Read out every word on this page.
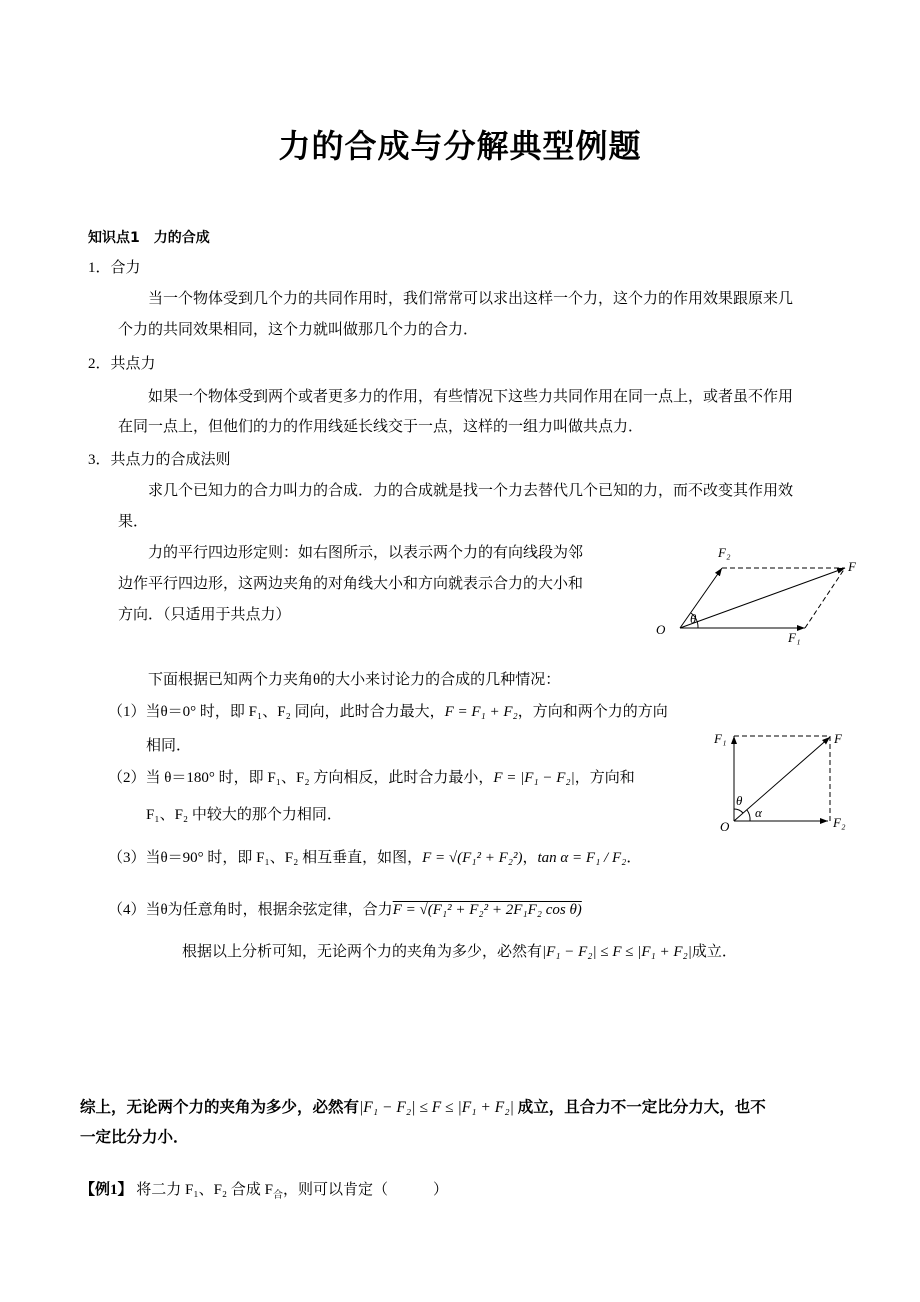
力的合成与分解典型例题
知识点1　力的合成
1．合力
当一个物体受到几个力的共同作用时，我们常常可以求出这样一个力，这个力的作用效果跟原来几
个力的共同效果相同，这个力就叫做那几个力的合力．
2．共点力
如果一个物体受到两个或者更多力的作用，有些情况下这些力共同作用在同一点上，或者虽不作用
在同一点上，但他们的力的作用线延长线交于一点，这样的一组力叫做共点力．
3．共点力的合成法则
求几个已知力的合力叫力的合成．力的合成就是找一个力去替代几个已知的力，而不改变其作用效
果．
力的平行四边形定则：如右图所示，以表示两个力的有向线段为邻
边作平行四边形，这两边夹角的对角线大小和方向就表示合力的大小和
方向．（只适用于共点力）
F₂
F
O
θ
F₁
下面根据已知两个力夹角θ的大小来讨论力的合成的几种情况：
（1）当θ＝0° 时，即 F₁、F₂ 同向，此时合力最大，F = F₁ + F₂，方向和两个力的方向
相同．
（2）当 θ＝180° 时，即 F₁、F₂ 方向相反，此时合力最小，F = |F₁ − F₂|，方向和
F₁、F₂ 中较大的那个力相同．
（3）当θ＝90° 时，即 F₁、F₂ 相互垂直，如图，F = √(F₁² + F₂²)，tan α = F₁ / F₂．
（4）当θ为任意角时，根据余弦定律，合力F = √(F₁² + F₂² + 2F₁F₂ cos θ)
根据以上分析可知，无论两个力的夹角为多少，必然有|F₁ − F₂| ≤ F ≤ |F₁ + F₂|成立．
F₁	F
θ
α
O	F₂
综上，无论两个力的夹角为多少，必然有|F₁ − F₂| ≤ F ≤ |F₁ + F₂| 成立，且合力不一定比分力大，也不
一定比分力小．
【例1】 将二力 F₁、F₂ 合成 $F_合$，则可以肯定（　　　）
